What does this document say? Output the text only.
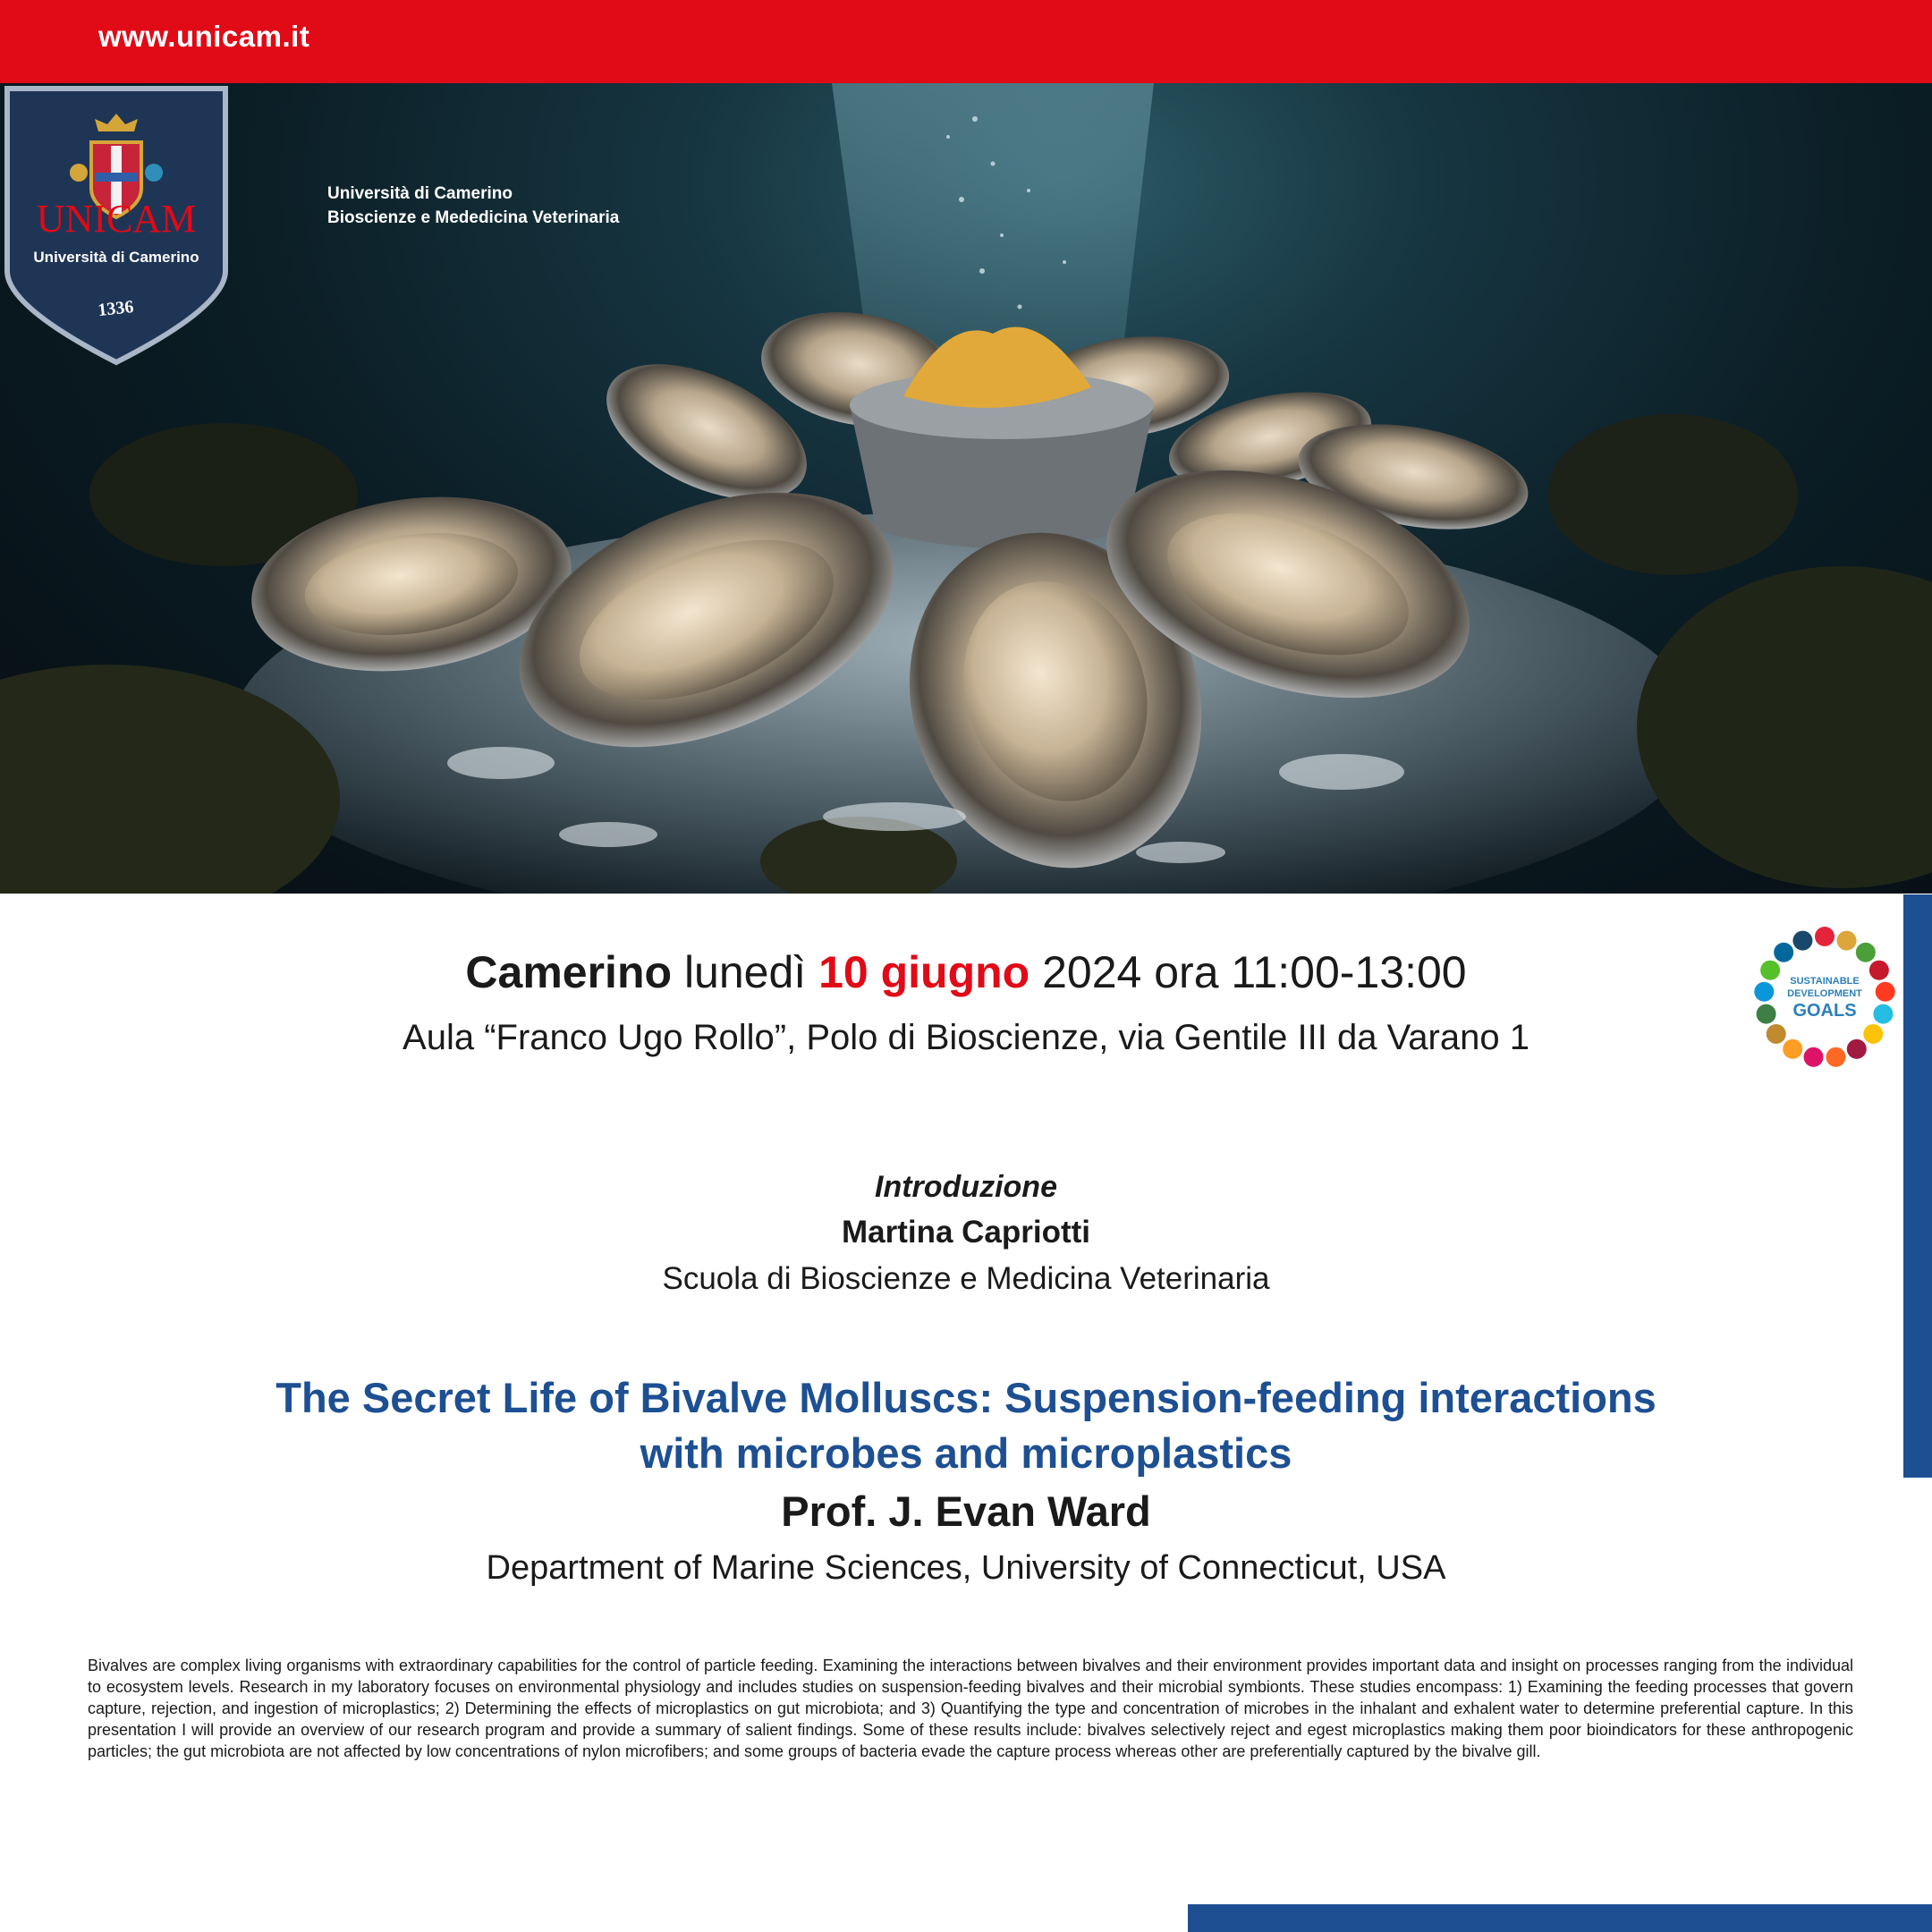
www.unicam.it
UNICAM
Università di Camerino
1336
Università di Camerino
Bioscienze e Mededicina Veterinaria
Camerino lunedì 10 giugno 2024 ora 11:00-13:00
Aula “Franco Ugo Rollo”, Polo di Bioscienze, via Gentile III da Varano 1
SUSTAINABLE
DEVELOPMENT
GOALS
Introduzione
Martina Capriotti
Scuola di Bioscienze e Medicina Veterinaria
The Secret Life of Bivalve Molluscs: Suspension-feeding interactions
with microbes and microplastics
Prof. J. Evan Ward
Department of Marine Sciences, University of Connecticut, USA
Bivalves are complex living organisms with extraordinary capabilities for the control of particle feeding. Examining the interactions between bivalves and their environment provides important data and insight on processes ranging from the individual to ecosystem levels. Research in my laboratory focuses on environmental physiology and includes studies on suspension-feeding bivalves and their microbial symbionts. These studies encompass: 1) Examining the feeding processes that govern capture, rejection, and ingestion of microplastics; 2) Determining the effects of microplastics on gut microbiota; and 3) Quantifying the type and concentration of microbes in the inhalant and exhalent water to determine preferential capture. In this presentation I will provide an overview of our research program and provide a summary of salient findings. Some of these results include: bivalves selectively reject and egest microplastics making them poor bioindicators for these anthropogenic particles; the gut microbiota are not affected by low concentrations of nylon microfibers; and some groups of bacteria evade the capture process whereas other are preferentially captured by the bivalve gill.
